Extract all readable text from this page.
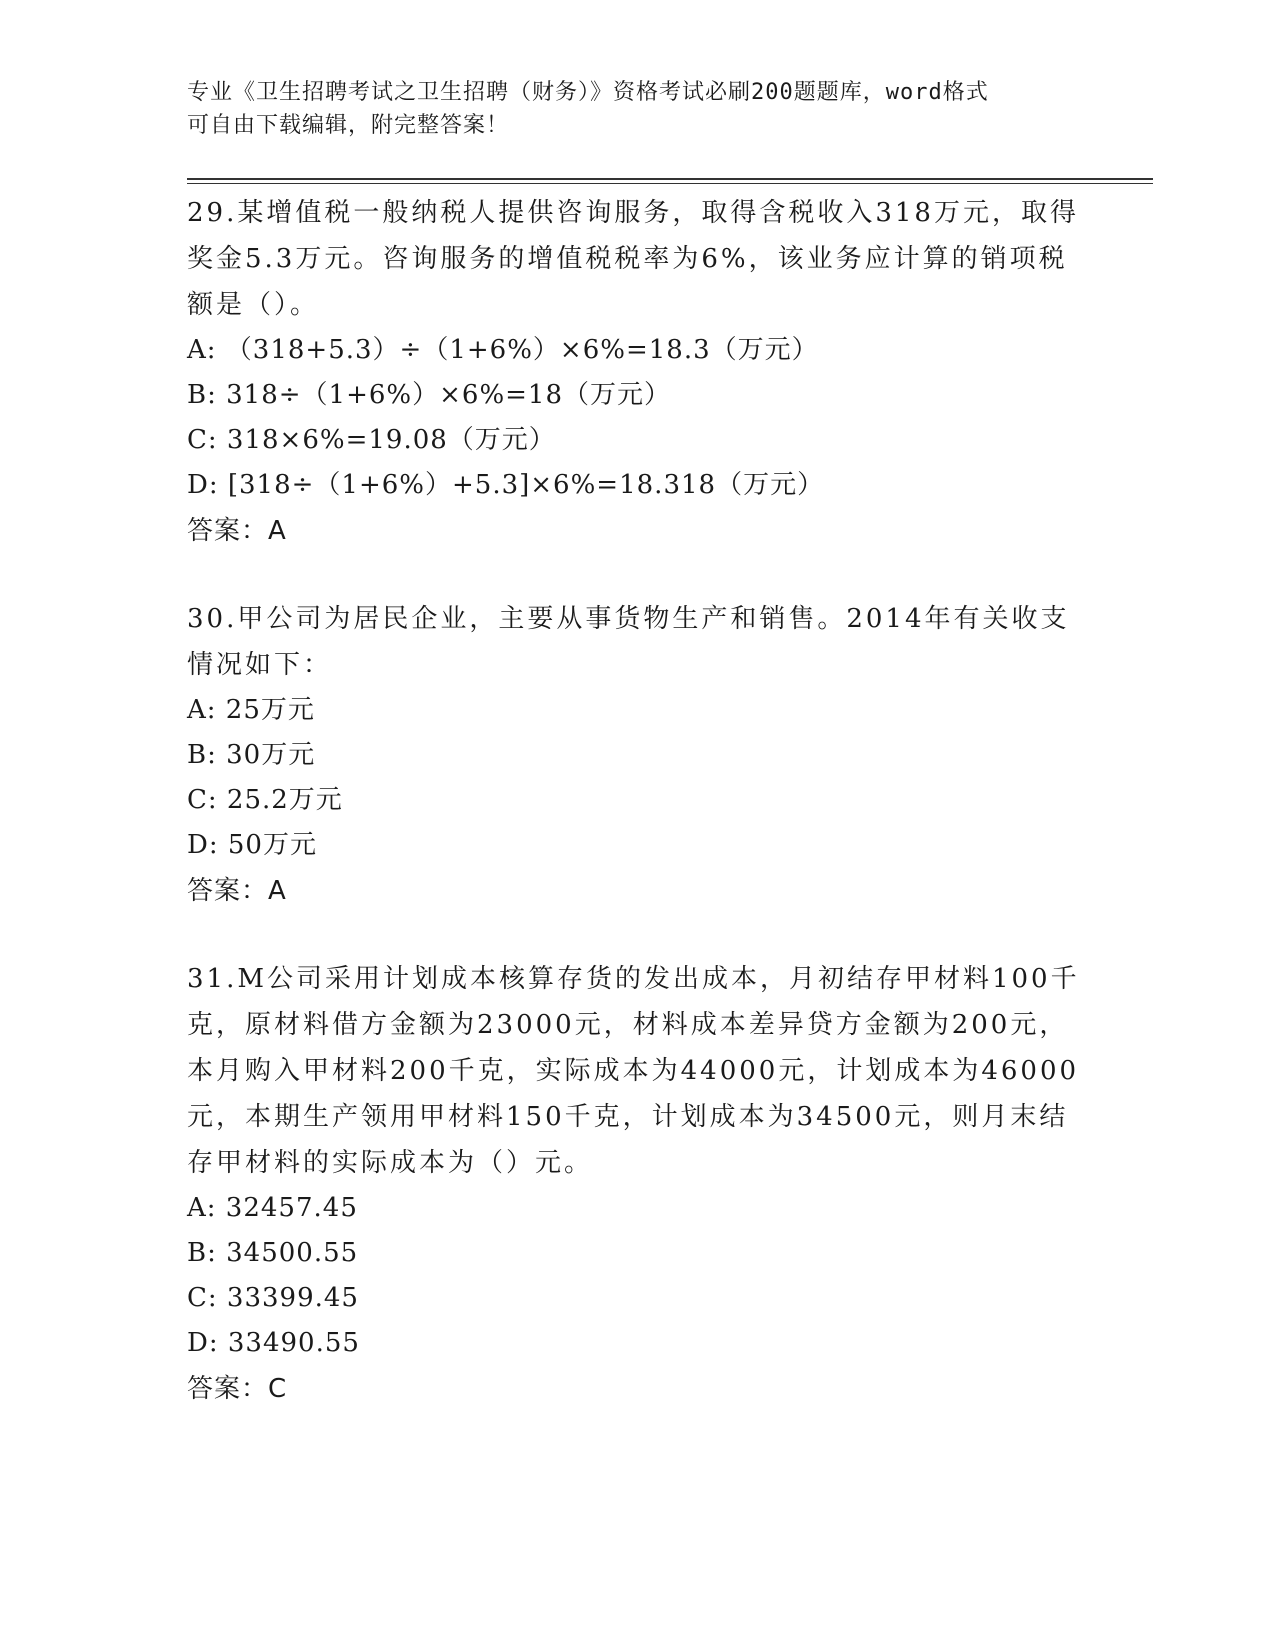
专业《卫生招聘考试之卫生招聘（财务）》资格考试必刷200题题库，word格式
可自由下载编辑，附完整答案！
29.某增值税一般纳税人提供咨询服务，取得含税收入318万元，取得奖金5.3万元。咨询服务的增值税税率为6%，该业务应计算的销项税额是（）。
A: （318+5.3）÷（1+6%）×6%=18.3（万元）
B: 318÷（1+6%）×6%=18（万元）
C: 318×6%=19.08（万元）
D: [318÷（1+6%）+5.3]×6%=18.318（万元）
答案：A
30.甲公司为居民企业，主要从事货物生产和销售。2014年有关收支情况如下：
A: 25万元
B: 30万元
C: 25.2万元
D: 50万元
答案：A
31.M公司采用计划成本核算存货的发出成本，月初结存甲材料100千克，原材料借方金额为23000元，材料成本差异贷方金额为200元，本月购入甲材料200千克，实际成本为44000元，计划成本为46000元，本期生产领用甲材料150千克，计划成本为34500元，则月末结存甲材料的实际成本为（）元。
A: 32457.45
B: 34500.55
C: 33399.45
D: 33490.55
答案：C
